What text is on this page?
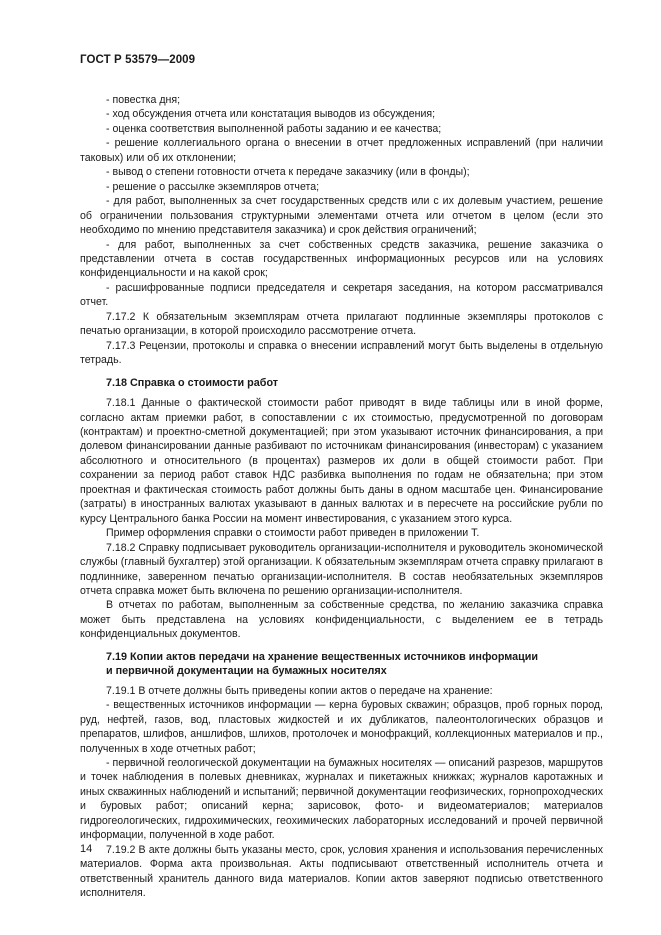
ГОСТ Р 53579—2009

- повестка дня;

- ход обсуждения отчета или констатация выводов из обсуждения;

- оценка соответствия выполненной работы заданию и ее качества;

- решение коллегиального органа о внесении в отчет предложенных исправлений (при наличии таковых) или об их отклонении;

- вывод о степени готовности отчета к передаче заказчику (или в фонды);

- решение о рассылке экземпляров отчета;

- для работ, выполненных за счет государственных средств или с их долевым участием, решение об ограничении пользования структурными элементами отчета или отчетом в целом (если это необходимо по мнению представителя заказчика) и срок действия ограничений;

- для работ, выполненных за счет собственных средств заказчика, решение заказчика о представлении отчета в состав государственных информационных ресурсов или на условиях конфиденциальности и на какой срок;

- расшифрованные подписи председателя и секретаря заседания, на котором рассматривался отчет.

7.17.2 К обязательным экземплярам отчета прилагают подлинные экземпляры протоколов с печатью организации, в которой происходило рассмотрение отчета.

7.17.3 Рецензии, протоколы и справка о внесении исправлений могут быть выделены в отдельную тетрадь.

7.18 Справка о стоимости работ

7.18.1 Данные о фактической стоимости работ приводят в виде таблицы или в иной форме, согласно актам приемки работ, в сопоставлении с их стоимостью, предусмотренной по договорам (контрактам) и проектно-сметной документацией; при этом указывают источник финансирования, а при долевом финансировании данные разбивают по источникам финансирования (инвесторам) с указанием абсолютного и относительного (в процентах) размеров их доли в общей стоимости работ. При сохранении за период работ ставок НДС разбивка выполнения по годам не обязательна; при этом проектная и фактическая стоимость работ должны быть даны в одном масштабе цен. Финансирование (затраты) в иностранных валютах указывают в данных валютах и в пересчете на российские рубли по курсу Центрального банка России на момент инвестирования, с указанием этого курса.

Пример оформления справки о стоимости работ приведен в приложении Т.

7.18.2 Справку подписывает руководитель организации-исполнителя и руководитель экономической службы (главный бухгалтер) этой организации. К обязательным экземплярам отчета справку прилагают в подлиннике, заверенном печатью организации-исполнителя. В состав необязательных экземпляров отчета справка может быть включена по решению организации-исполнителя.

В отчетах по работам, выполненным за собственные средства, по желанию заказчика справка может быть представлена на условиях конфиденциальности, с выделением ее в тетрадь конфиденциальных документов.

7.19 Копии актов передачи на хранение вещественных источников информации
и первичной документации на бумажных носителях

7.19.1 В отчете должны быть приведены копии актов о передаче на хранение:

- вещественных источников информации — керна буровых скважин; образцов, проб горных пород, руд, нефтей, газов, вод, пластовых жидкостей и их дубликатов, палеонтологических образцов и препаратов, шлифов, аншлифов, шлихов, протолочек и монофракций, коллекционных материалов и пр., полученных в ходе отчетных работ;

- первичной геологической документации на бумажных носителях — описаний разрезов, маршрутов и точек наблюдения в полевых дневниках, журналах и пикетажных книжках; журналов каротажных и иных скважинных наблюдений и испытаний; первичной документации геофизических, горнопроходческих и буровых работ; описаний керна; зарисовок, фото- и видеоматериалов; материалов гидрогеологических, гидрохимических, геохимических лабораторных исследований и прочей первичной информации, полученной в ходе работ.

7.19.2 В акте должны быть указаны место, срок, условия хранения и использования перечисленных материалов. Форма акта произвольная. Акты подписывают ответственный исполнитель отчета и ответственный хранитель данного вида материалов. Копии актов заверяют подписью ответственного исполнителя.

14
